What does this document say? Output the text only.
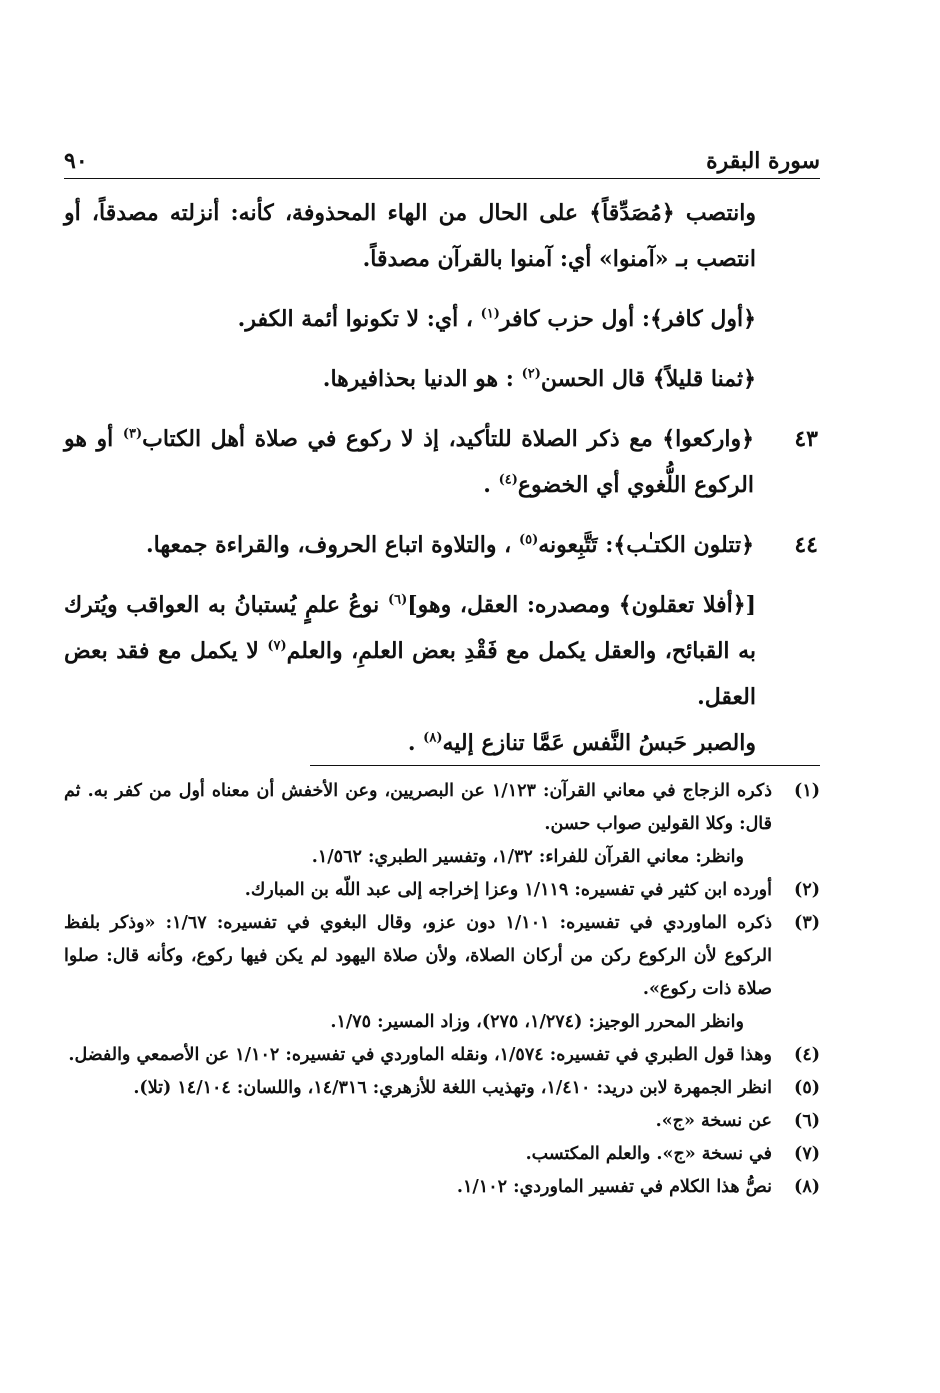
٩٠	سورة البقرة

وانتصب ﴿مُصَدِّقاً﴾ على الحال من الهاء المحذوفة، كأنه: أنزلته مصدقاً، أو انتصب بـ «آمنوا» أي: آمنوا بالقرآن مصدقاً.

﴿أول كافر﴾: أول حزب كافر$^{(١)}$ ، أي: لا تكونوا أئمة الكفر.

﴿ثمنا قليلاً﴾ قال الحسن$^{(٢)}$ : هو الدنيا بحذافيرها.

٤٣

﴿واركعوا﴾ مع ذكر الصلاة للتأكيد، إذ لا ركوع في صلاة أهل الكتاب$^{(٣)}$ أو هو الركوع اللُّغوي أي الخضوع$^{(٤)}$ .

٤٤

﴿تتلون الكتـٰب﴾: تَتَّبِعونه$^{(٥)}$ ، والتلاوة اتباع الحروف، والقراءة جمعها.

[﴿أفلا تعقلون﴾ ومصدره: العقل، وهو]$^{(٦)}$ نوعُ علمٍ يُستبانُ به العواقب ويُترك به القبائح، والعقل يكمل مع فَقْدِ بعض العلمِ، والعلم$^{(٧)}$ لا يكمل مع فقد بعض العقل.

والصبر حَبسُ النَّفس عَمَّا تنازع إليه$^{(٨)}$ .

(١)
ذكره الزجاج في معاني القرآن: ١/١٢٣ عن البصريين، وعن الأخفش أن معناه أول من كفر به. ثم قال: وكلا القولين صواب حسن.
وانظر: معاني القرآن للفراء: ١/٣٢، وتفسير الطبري: ١/٥٦٢.
(٢)
أورده ابن كثير في تفسيره: ١/١١٩ وعزا إخراجه إلى عبد اللّه بن المبارك.
(٣)
ذكره الماوردي في تفسيره: ١/١٠١ دون عزو، وقال البغوي في تفسيره: ١/٦٧: «وذكر بلفظ الركوع لأن الركوع ركن من أركان الصلاة، ولأن صلاة اليهود لم يكن فيها ركوع، وكأنه قال: صلوا صلاة ذات ركوع».
وانظر المحرر الوجيز: (١/٢٧٤، ٢٧٥)، وزاد المسير: ١/٧٥.
(٤)
وهذا قول الطبري في تفسيره: ١/٥٧٤، ونقله الماوردي في تفسيره: ١/١٠٢ عن الأصمعي والفضل.
(٥)
انظر الجمهرة لابن دريد: ١/٤١٠، وتهذيب اللغة للأزهري: ١٤/٣١٦، واللسان: ١٤/١٠٤ (تلا).
(٦)
عن نسخة «ج».
(٧)
في نسخة «ج». والعلم المكتسب.
(٨)
نصُّ هذا الكلام في تفسير الماوردي: ١/١٠٢.
